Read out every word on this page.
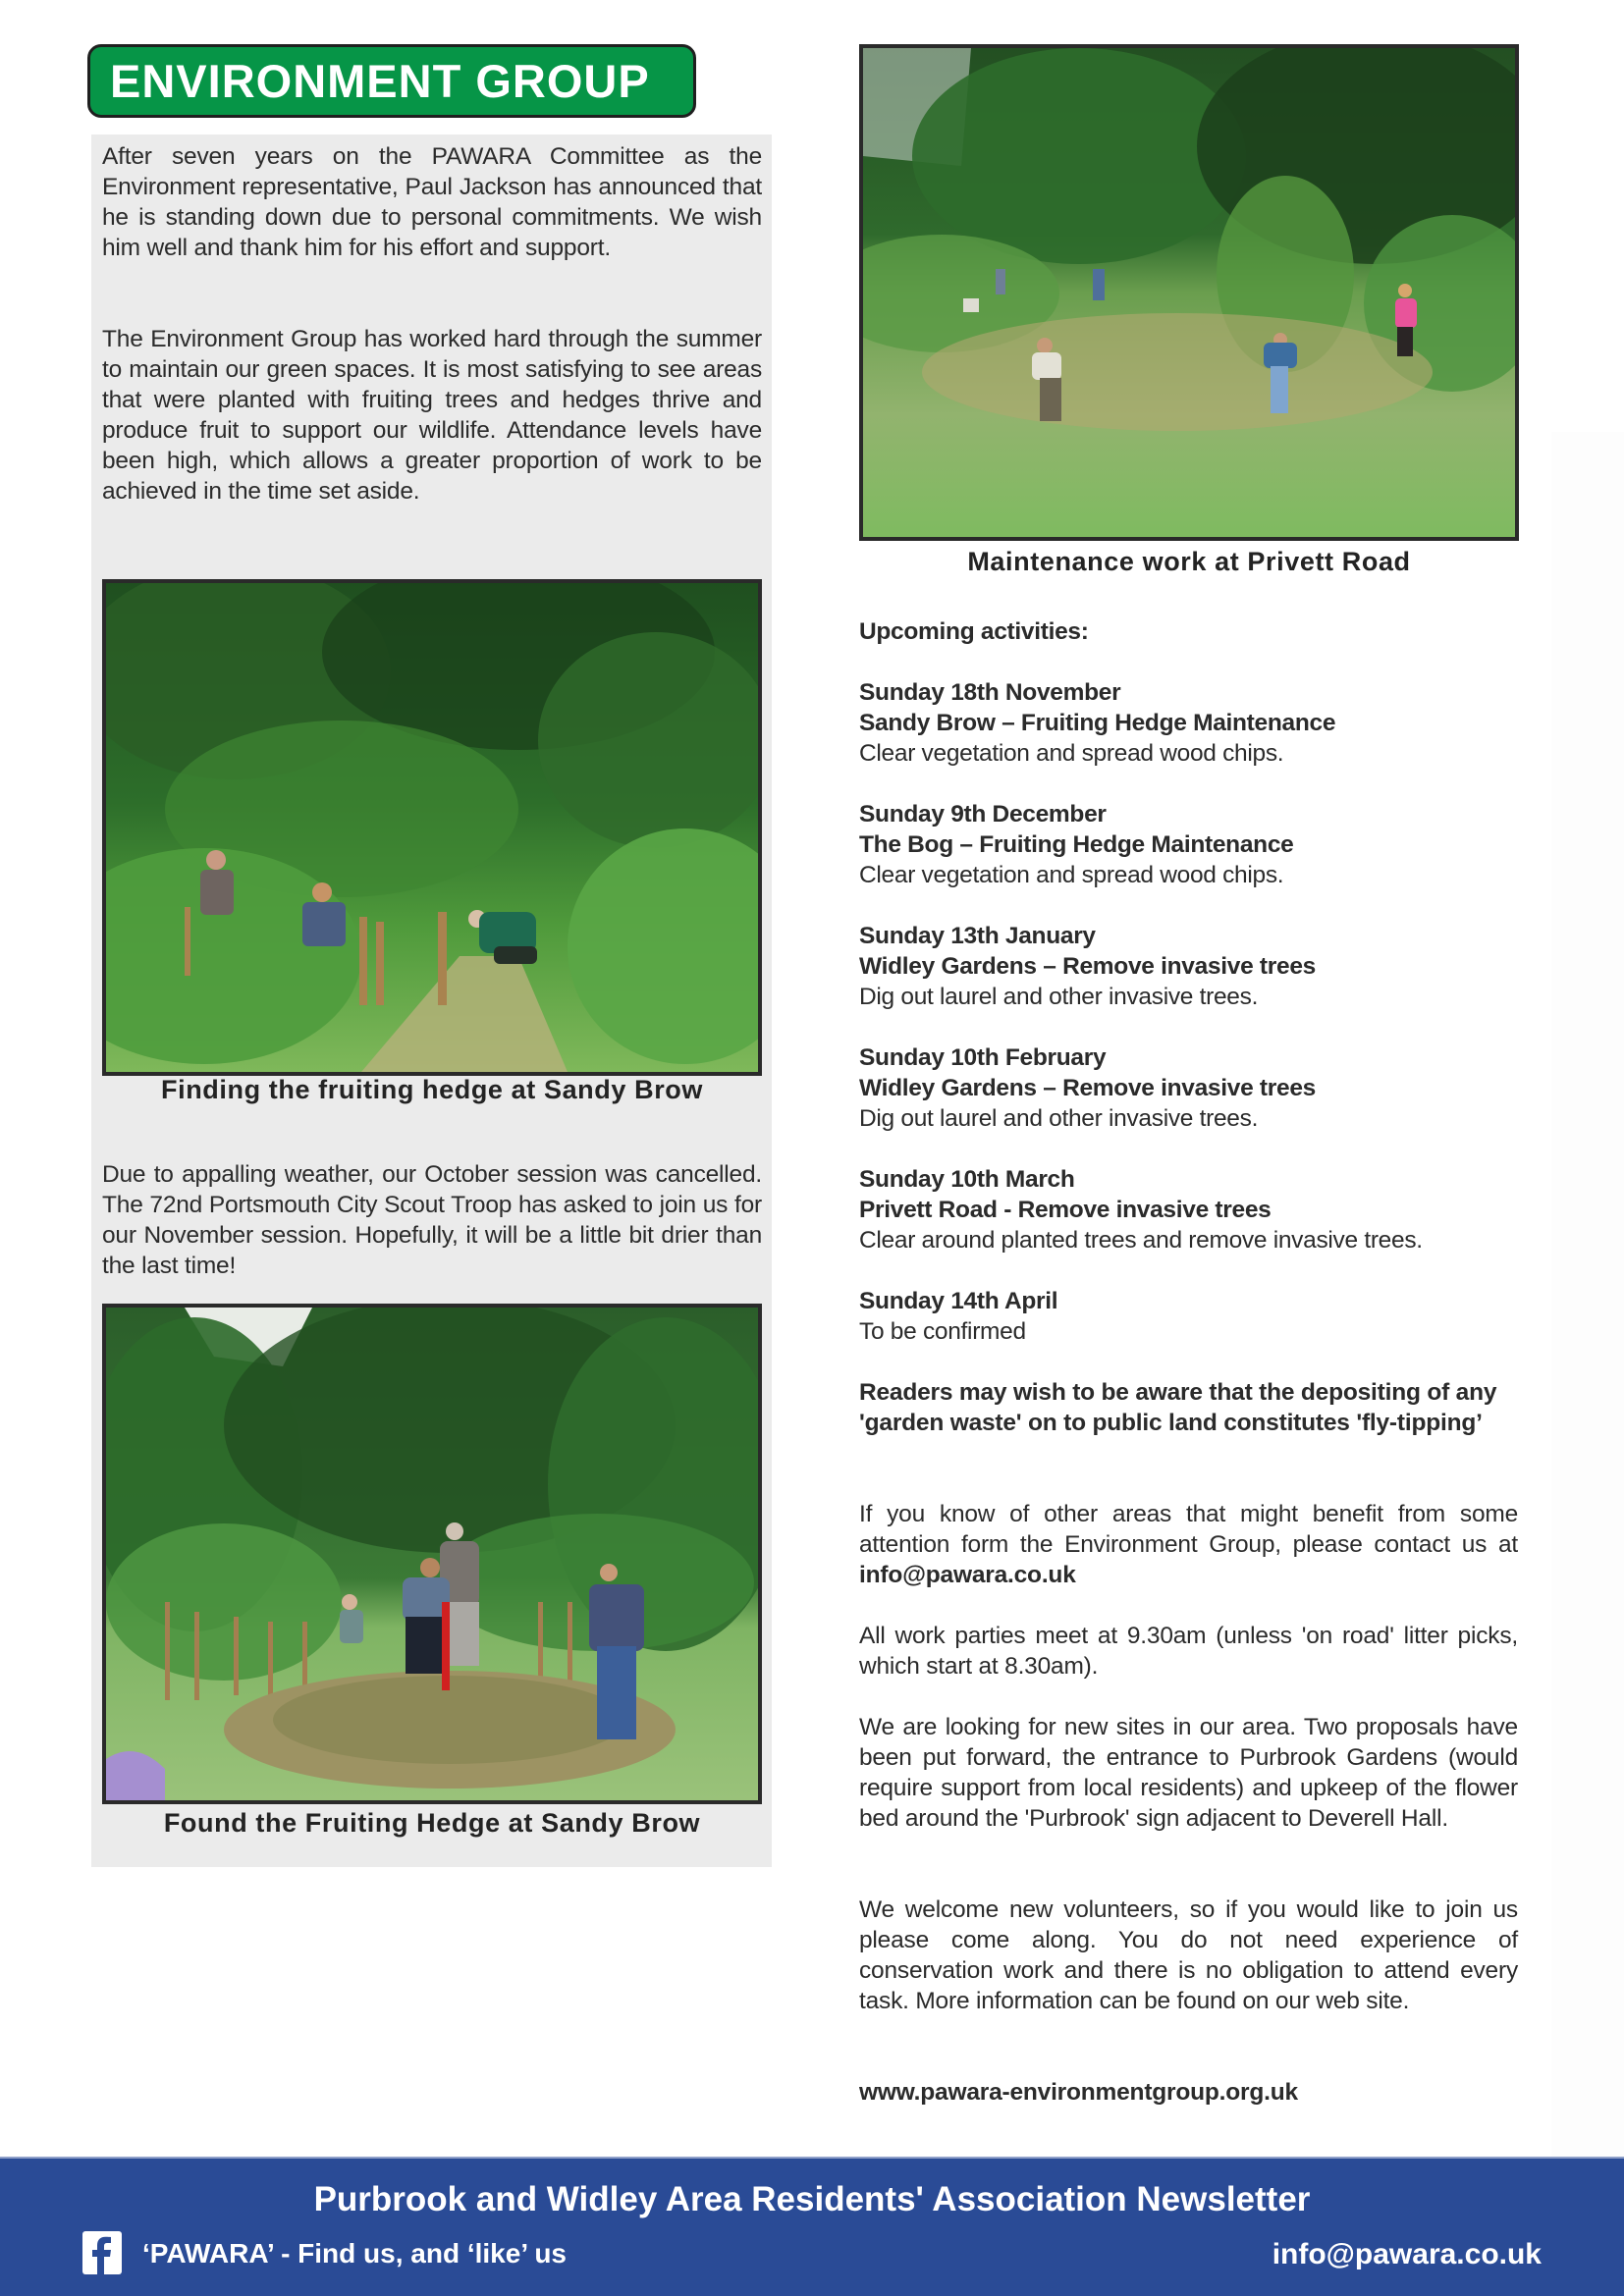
ENVIRONMENT GROUP

After seven years on the PAWARA Committee as the Environment representative, Paul Jackson has announced that he is standing down due to personal commitments. We wish him well and thank him for his effort and support.

The Environment Group has worked hard through the summer to maintain our green spaces. It is most satisfying to see areas that were planted with fruiting trees and hedges thrive and produce fruit to support our wildlife. Attendance levels have been high, which allows a greater proportion of work to be achieved in the time set aside.

Finding the fruiting hedge at Sandy Brow

Due to appalling weather, our October session was cancelled. The 72nd Portsmouth City Scout Troop has asked to join us for our November session. Hopefully, it will be a little bit drier than the last time!

Found the Fruiting Hedge at Sandy Brow
Maintenance work at Privett Road
Upcoming activities:
Sunday 18th November
Sandy Brow – Fruiting Hedge Maintenance
Clear vegetation and spread wood chips.
Sunday 9th December
The Bog – Fruiting Hedge Maintenance
Clear vegetation and spread wood chips.
Sunday 13th January
Widley Gardens – Remove invasive trees
Dig out laurel and other invasive trees.
Sunday 10th February
Widley Gardens – Remove invasive trees
Dig out laurel and other invasive trees.
Sunday 10th March
Privett Road - Remove invasive trees
Clear around planted trees and remove invasive trees.
Sunday 14th April
To be confirmed

Readers may wish to be aware that the depositing of any 'garden waste' on to public land constitutes 'fly-tipping’

If you know of other areas that might benefit from some attention form the Environment Group, please contact us at info@pawara.co.uk

All work parties meet at 9.30am (unless 'on road' litter picks, which start at 8.30am).

We are looking for new sites in our area. Two proposals have been put forward, the entrance to Purbrook Gardens (would require support from local residents) and upkeep of the flower bed around the 'Purbrook' sign adjacent to Deverell Hall.

We welcome new volunteers, so if you would like to join us please come along. You do not need experience of conservation work and there is no obligation to attend every task. More information can be found on our web site.

www.pawara-environmentgroup.org.uk
Purbrook and Widley Area Residents' Association Newsletter
‘PAWARA’ - Find us, and ‘like’ us	info@pawara.co.uk
